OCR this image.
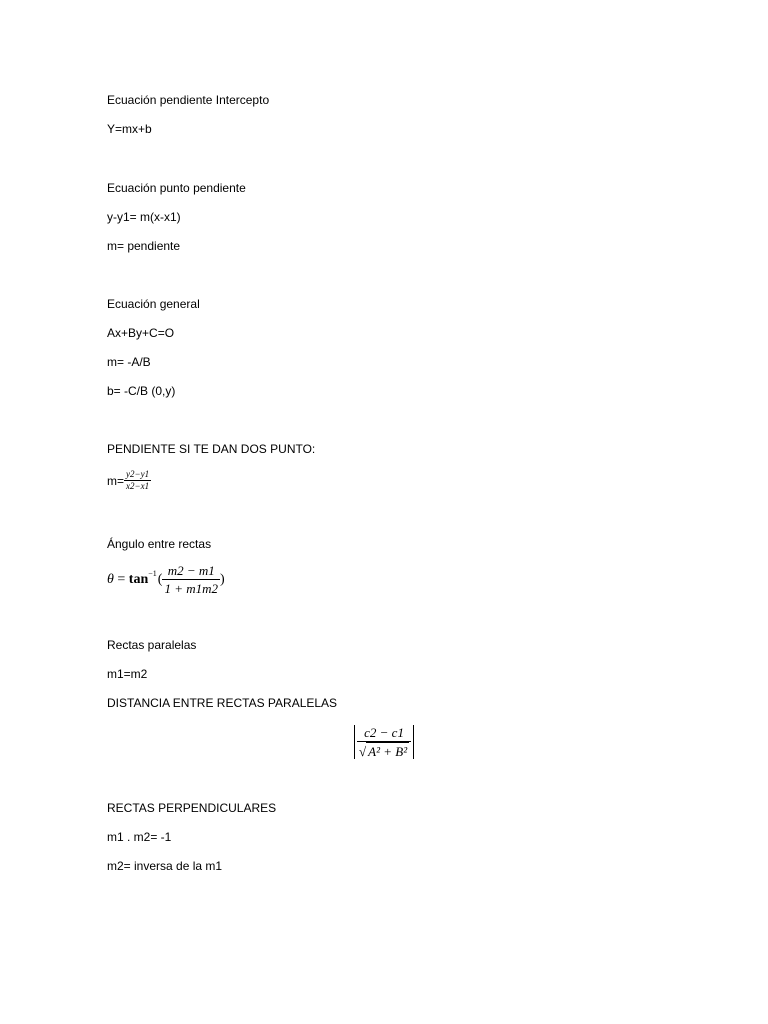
Ecuación pendiente Intercepto
Y=mx+b
Ecuación punto pendiente
y-y1= m(x-x1)
m= pendiente
Ecuación general
Ax+By+C=O
m= -A/B
b= -C/B (0,y)
PENDIENTE SI TE DAN DOS PUNTO:
$m= \frac{y2-y1}{x2-x1}$
Ángulo entre rectas
$\theta = \tan^{-1}$ ( $\frac{m2 - m1}{1 + m1m2}$ )
Rectas paralelas
m1=m2
DISTANCIA ENTRE RECTAS PARALELAS
$\frac{c2 - c1}{\text{√ A² + B²}}$
RECTAS PERPENDICULARES
m1 . m2= -1
m2= inversa de la m1
